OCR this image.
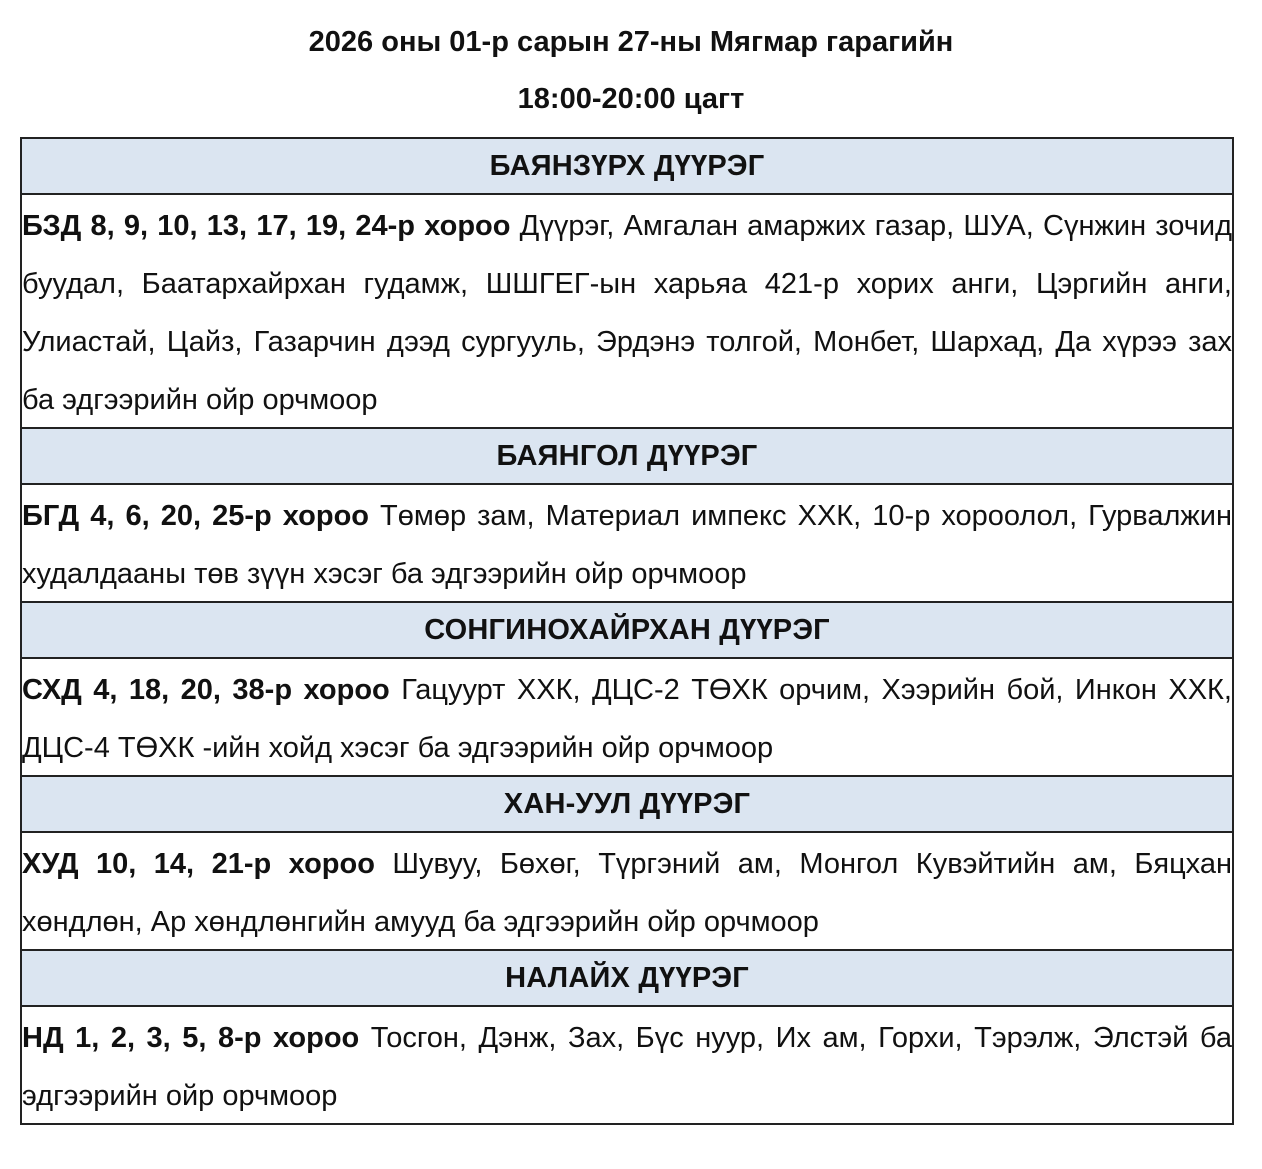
2026 оны 01-р сарын 27-ны Мягмар гарагийн
18:00-20:00 цагт
БАЯНЗҮРХ ДҮҮРЭГ

БЗД 8, 9, 10, 13, 17, 19, 24-р хороо Дүүрэг, Амгалан амаржих газар, ШУА, Сүнжин зочид буудал, Баатархайрхан гудамж, ШШГЕГ-ын харьяа 421-р хорих анги, Цэргийн анги, Улиастай, Цайз, Газарчин дээд сургууль, Эрдэнэ толгой, Монбет, Шархад, Да хүрээ зах ба эдгээрийн ойр орчмоор

БАЯНГОЛ ДҮҮРЭГ

БГД 4, 6, 20, 25-р хороо Төмөр зам, Материал импекс ХХК, 10-р хороолол, Гурвалжин худалдааны төв зүүн хэсэг ба эдгээрийн ойр орчмоор

СОНГИНОХАЙРХАН ДҮҮРЭГ

СХД 4, 18, 20, 38-р хороо Гацуурт ХХК, ДЦС-2 ТӨХК орчим, Хээрийн бой, Инкон ХХК, ДЦС-4 ТӨХК -ийн хойд хэсэг ба эдгээрийн ойр орчмоор

ХАН-УУЛ ДҮҮРЭГ

ХУД 10, 14, 21-р хороо Шувуу, Бөхөг, Түргэний ам, Монгол Кувэйтийн ам, Бяцхан хөндлөн, Ар хөндлөнгийн амууд ба эдгээрийн ойр орчмоор

НАЛАЙХ ДҮҮРЭГ

НД 1, 2, 3, 5, 8-р хороо Тосгон, Дэнж, Зах, Бүс нуур, Их ам, Горхи, Тэрэлж, Элстэй ба эдгээрийн ойр орчмоор
